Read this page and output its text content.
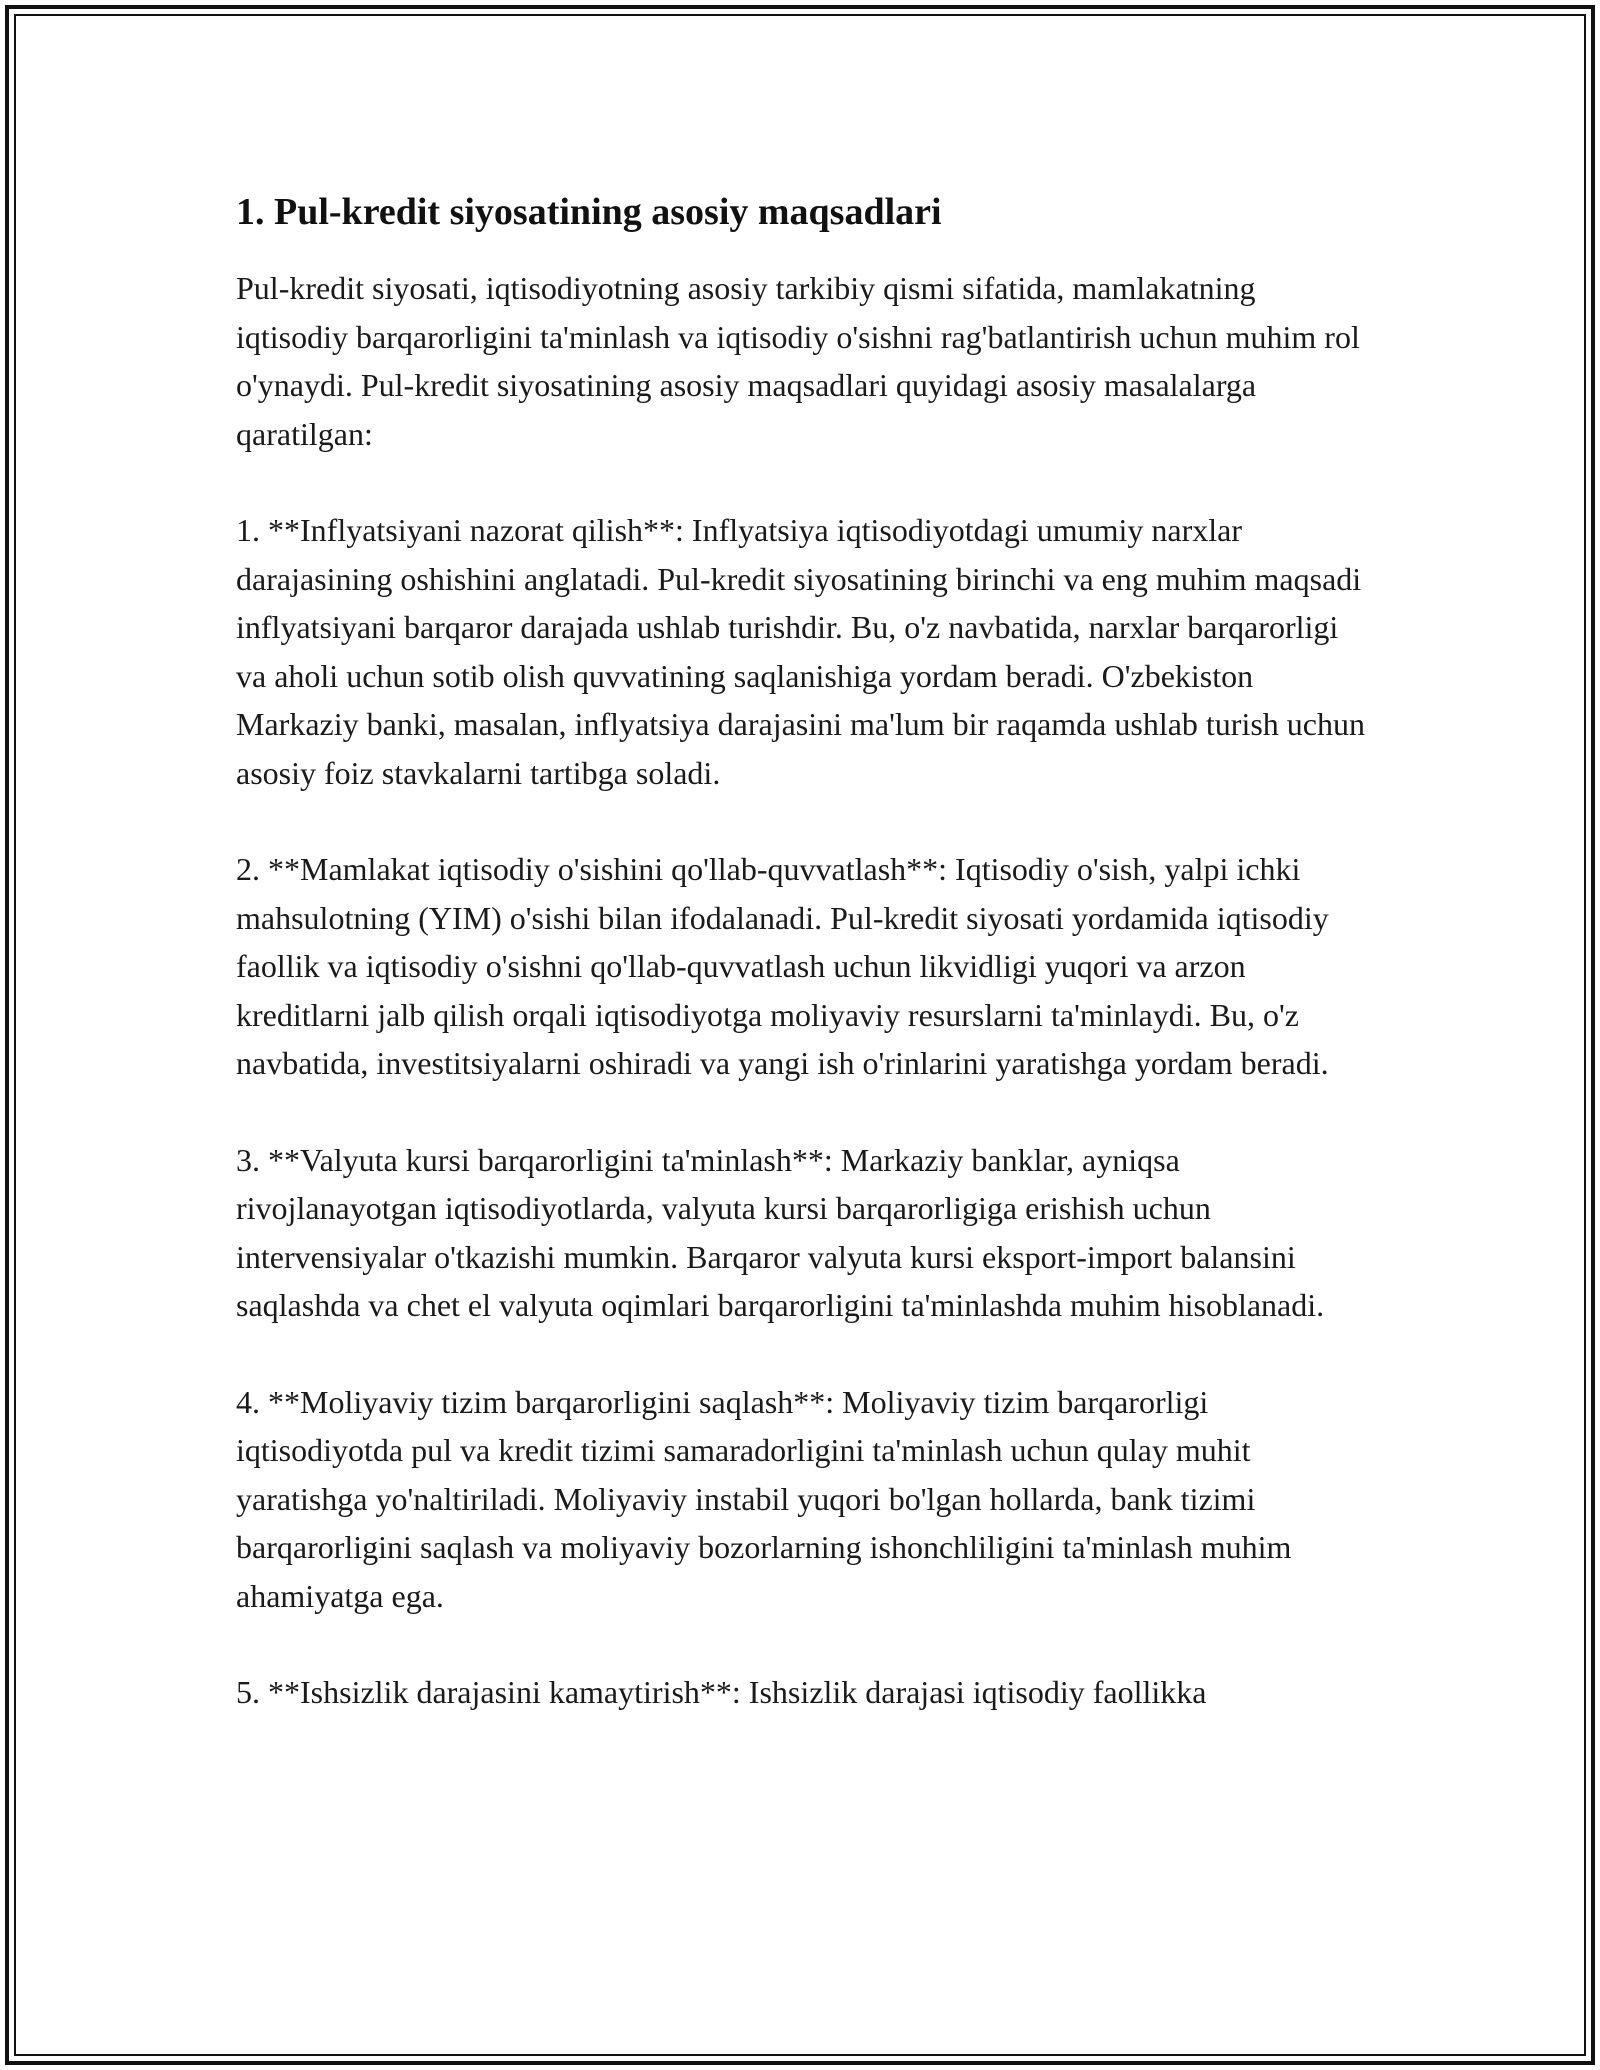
1. Pul-kredit siyosatining asosiy maqsadlari

Pul-kredit siyosati, iqtisodiyotning asosiy tarkibiy qismi sifatida, mamlakatning iqtisodiy barqarorligini ta'minlash va iqtisodiy o'sishni rag'batlantirish uchun muhim rol o'ynaydi. Pul-kredit siyosatining asosiy maqsadlari quyidagi asosiy masalalarga qaratilgan:

1. **Inflyatsiyani nazorat qilish**: Inflyatsiya iqtisodiyotdagi umumiy narxlar darajasining oshishini anglatadi. Pul-kredit siyosatining birinchi va eng muhim maqsadi inflyatsiyani barqaror darajada ushlab turishdir. Bu, o'z navbatida, narxlar barqarorligi va aholi uchun sotib olish quvvatining saqlanishiga yordam beradi. O'zbekiston Markaziy banki, masalan, inflyatsiya darajasini ma'lum bir raqamda ushlab turish uchun asosiy foiz stavkalarni tartibga soladi.

2. **Mamlakat iqtisodiy o'sishini qo'llab-quvvatlash**: Iqtisodiy o'sish, yalpi ichki mahsulotning (YIM) o'sishi bilan ifodalanadi. Pul-kredit siyosati yordamida iqtisodiy faollik va iqtisodiy o'sishni qo'llab-quvvatlash uchun likvidligi yuqori va arzon kreditlarni jalb qilish orqali iqtisodiyotga moliyaviy resurslarni ta'minlaydi. Bu, o'z navbatida, investitsiyalarni oshiradi va yangi ish o'rinlarini yaratishga yordam beradi.

3. **Valyuta kursi barqarorligini ta'minlash**: Markaziy banklar, ayniqsa rivojlanayotgan iqtisodiyotlarda, valyuta kursi barqarorligiga erishish uchun intervensiyalar o'tkazishi mumkin. Barqaror valyuta kursi eksport-import balansini saqlashda va chet el valyuta oqimlari barqarorligini ta'minlashda muhim hisoblanadi.

4. **Moliyaviy tizim barqarorligini saqlash**: Moliyaviy tizim barqarorligi iqtisodiyotda pul va kredit tizimi samaradorligini ta'minlash uchun qulay muhit yaratishga yo'naltiriladi. Moliyaviy instabil yuqori bo'lgan hollarda, bank tizimi barqarorligini saqlash va moliyaviy bozorlarning ishonchliligini ta'minlash muhim ahamiyatga ega.

5. **Ishsizlik darajasini kamaytirish**: Ishsizlik darajasi iqtisodiy faollikka
